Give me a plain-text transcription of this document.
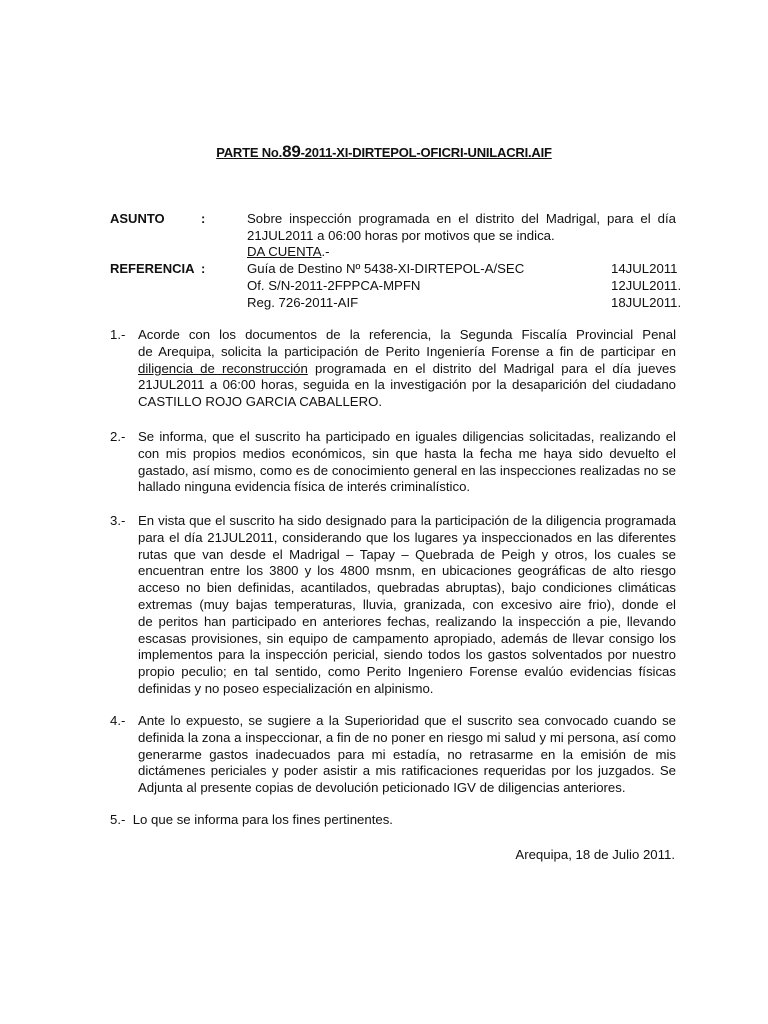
PARTE No.89-2011-XI-DIRTEPOL-OFICRI-UNILACRI.AIF
ASUNTO	:	Sobre inspección programada en el distrito del Madrigal, para el día
21JUL2011 a 06:00 horas por motivos que se indica.
DA CUENTA.-
REFERENCIA :	Guía de Destino Nº 5438-XI-DIRTEPOL-A/SEC	14JUL2011
Of. S/N-2011-2FPPCA-MPFN	12JUL2011.
Reg. 726-2011-AIF	18JUL2011.
1.- Acorde con los documentos de la referencia, la Segunda Fiscalía Provincial Penal
de Arequipa, solicita la participación de Perito Ingeniería Forense a fin de participar en
diligencia de reconstrucción programada en el distrito del Madrigal para el día jueves
21JUL2011 a 06:00 horas, seguida en la investigación por la desaparición del ciudadano
CASTILLO ROJO GARCIA CABALLERO.
2.- Se informa, que el suscrito ha participado en iguales diligencias solicitadas, realizando el
con mis propios medios económicos, sin que hasta la fecha me haya sido devuelto el
gastado, así mismo, como es de conocimiento general en las inspecciones realizadas no se
hallado ninguna evidencia física de interés criminalístico.
3.- En vista que el suscrito ha sido designado para la participación de la diligencia programada
para el día 21JUL2011, considerando que los lugares ya inspeccionados en las diferentes
rutas que van desde el Madrigal – Tapay – Quebrada de Peigh y otros, los cuales se
encuentran entre los 3800 y los 4800 msnm, en ubicaciones geográficas de alto riesgo
acceso no bien definidas, acantilados, quebradas abruptas), bajo condiciones climáticas
extremas (muy bajas temperaturas, lluvia, granizada, con excesivo aire frio), donde el
de peritos han participado en anteriores fechas, realizando la inspección a pie, llevando
escasas provisiones, sin equipo de campamento apropiado, además de llevar consigo los
implementos para la inspección pericial, siendo todos los gastos solventados por nuestro
propio peculio; en tal sentido, como Perito Ingeniero Forense evalúo evidencias físicas
definidas y no poseo especialización en alpinismo.
4.- Ante lo expuesto, se sugiere a la Superioridad que el suscrito sea convocado cuando se
definida la zona a inspeccionar, a fin de no poner en riesgo mi salud y mi persona, así como
generarme gastos inadecuados para mi estadía, no retrasarme en la emisión de mis
dictámenes periciales y poder asistir a mis ratificaciones requeridas por los juzgados. Se
Adjunta al presente copias de devolución peticionado IGV de diligencias anteriores.
5.- Lo que se informa para los fines pertinentes.
Arequipa, 18 de Julio 2011.
